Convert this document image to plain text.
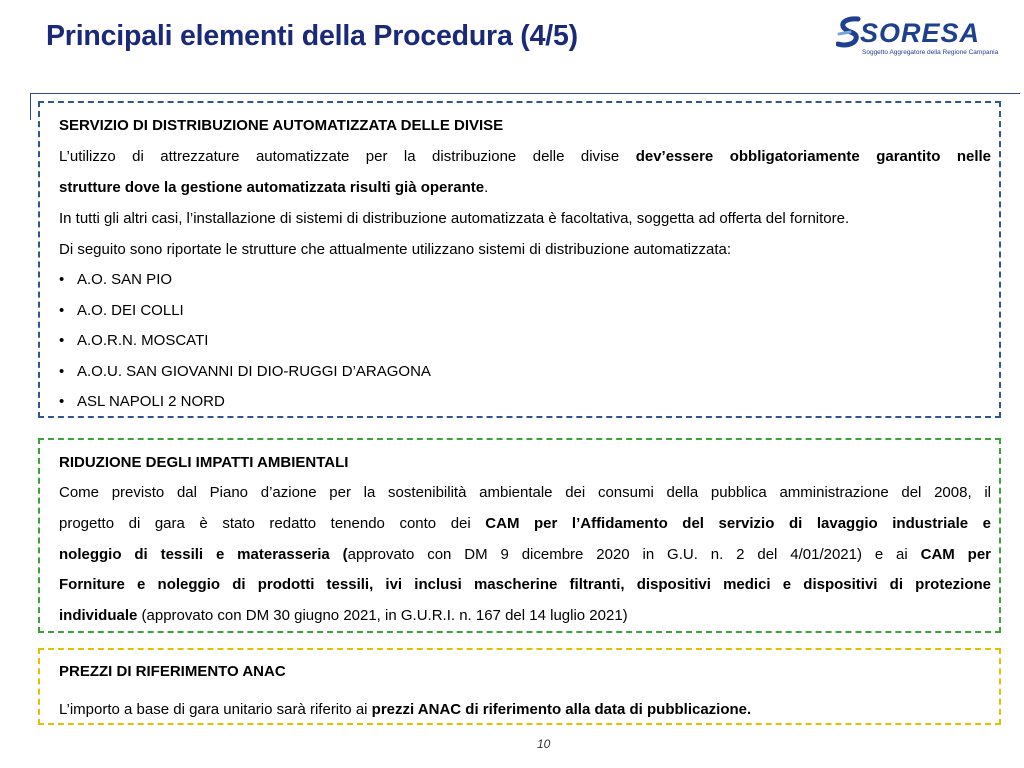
Principali elementi della Procedura (4/5)	SORESA
Soggetto Aggregatore della Regione Campania
SERVIZIO DI DISTRIBUZIONE AUTOMATIZZATA DELLE DIVISE
L’utilizzo di attrezzature automatizzate per la distribuzione delle divise dev’essere obbligatoriamente garantito nelle
strutture dove la gestione automatizzata risulti già operante.
In tutti gli altri casi, l’installazione di sistemi di distribuzione automatizzata è facoltativa, soggetta ad offerta del fornitore.
Di seguito sono riportate le strutture che attualmente utilizzano sistemi di distribuzione automatizzata:
• A.O. SAN PIO
• A.O. DEI COLLI
• A.O.R.N. MOSCATI
• A.O.U. SAN GIOVANNI DI DIO-RUGGI D’ARAGONA
• ASL NAPOLI 2 NORD
RIDUZIONE DEGLI IMPATTI AMBIENTALI
Come previsto dal Piano d’azione per la sostenibilità ambientale dei consumi della pubblica amministrazione del 2008, il
progetto di gara è stato redatto tenendo conto dei CAM per l’Affidamento del servizio di lavaggio industriale e
noleggio di tessili e materasseria (approvato con DM 9 dicembre 2020 in G.U. n. 2 del 4/01/2021) e ai CAM per
Forniture e noleggio di prodotti tessili, ivi inclusi mascherine filtranti, dispositivi medici e dispositivi di protezione
individuale (approvato con DM 30 giugno 2021, in G.U.R.I. n. 167 del 14 luglio 2021)
PREZZI DI RIFERIMENTO ANAC
L’importo a base di gara unitario sarà riferito ai prezzi ANAC di riferimento alla data di pubblicazione.
10
